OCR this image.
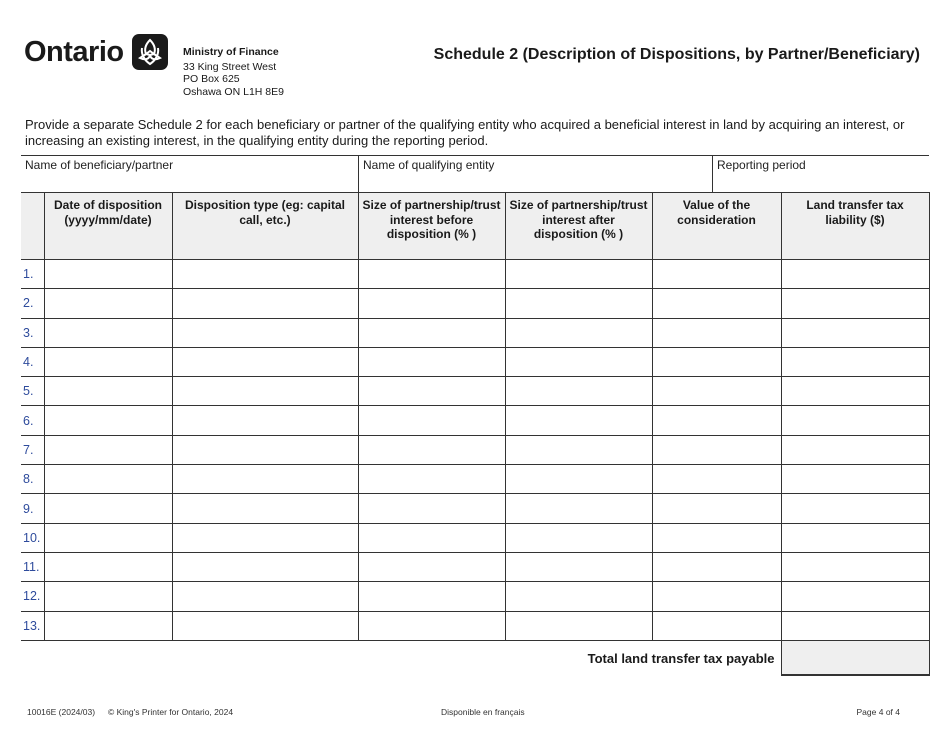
Ontario	Ministry of Finance
33 King Street West
PO Box 625
Oshawa ON L1H 8E9
Schedule 2 (Description of Dispositions, by Partner/Beneficiary)

Provide a separate Schedule 2 for each beneficiary or partner of the qualifying entity who acquired a beneficial interest in land by acquiring an interest, or increasing an existing interest, in the qualifying entity during the reporting period.

Name of beneficiary/partner	Name of qualifying entity	Reporting period
	Date of disposition (yyyy/mm/date)	Disposition type (eg: capital call, etc.)	Size of partnership/trust interest before disposition (% )	Size of partnership/trust interest after disposition (% )	Value of the consideration	Land transfer tax liability ($)
1.						
2.						
3.						
4.						
5.						
6.						
7.						
8.						
9.						
10.						
11.						
12.						
13.						
Total land transfer tax payable						
10016E (2024/03) © King's Printer for Ontario, 2024	Disponible en français	Page 4 of 4
